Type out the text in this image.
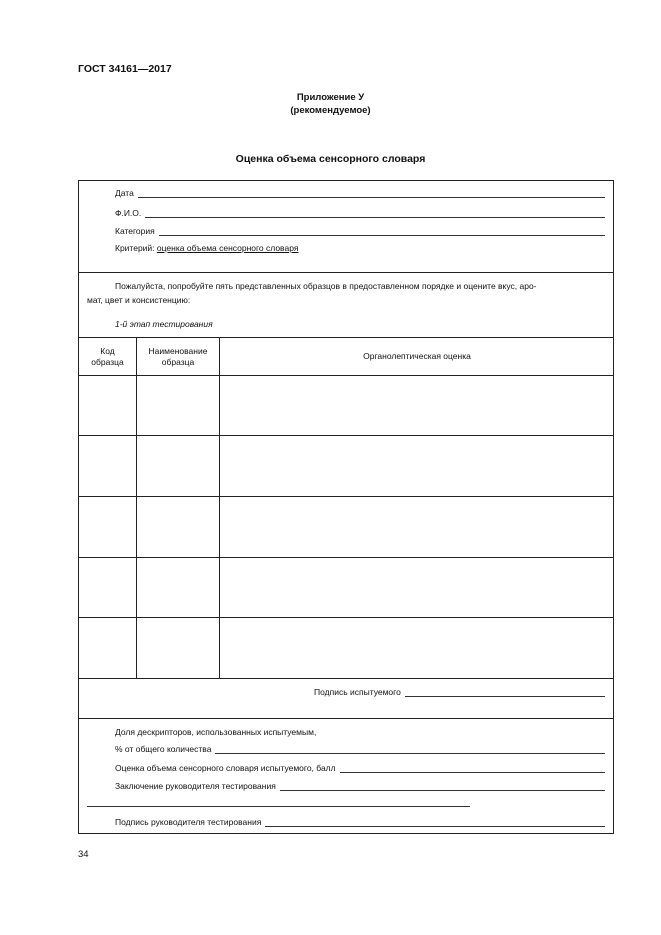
ГОСТ 34161—2017
Приложение У
(рекомендуемое)
Оценка объема сенсорного словаря
Дата
Ф.И.О.
Категория
Критерий: оценка объема сенсорного словаря
Пожалуйста, попробуйте пять представленных образцов в предоставленном порядке и оцените вкус, аро-
мат, цвет и консистенцию:
1-й этап тестирования
Код
образца
Наименование
образца
Органолептическая оценка
Подпись испытуемого
Доля дескрипторов, использованных испытуемым,
% от общего количества
Оценка объема сенсорного словаря испытуемого, балл
Заключение руководителя тестирования
Подпись руководителя тестирования
34
